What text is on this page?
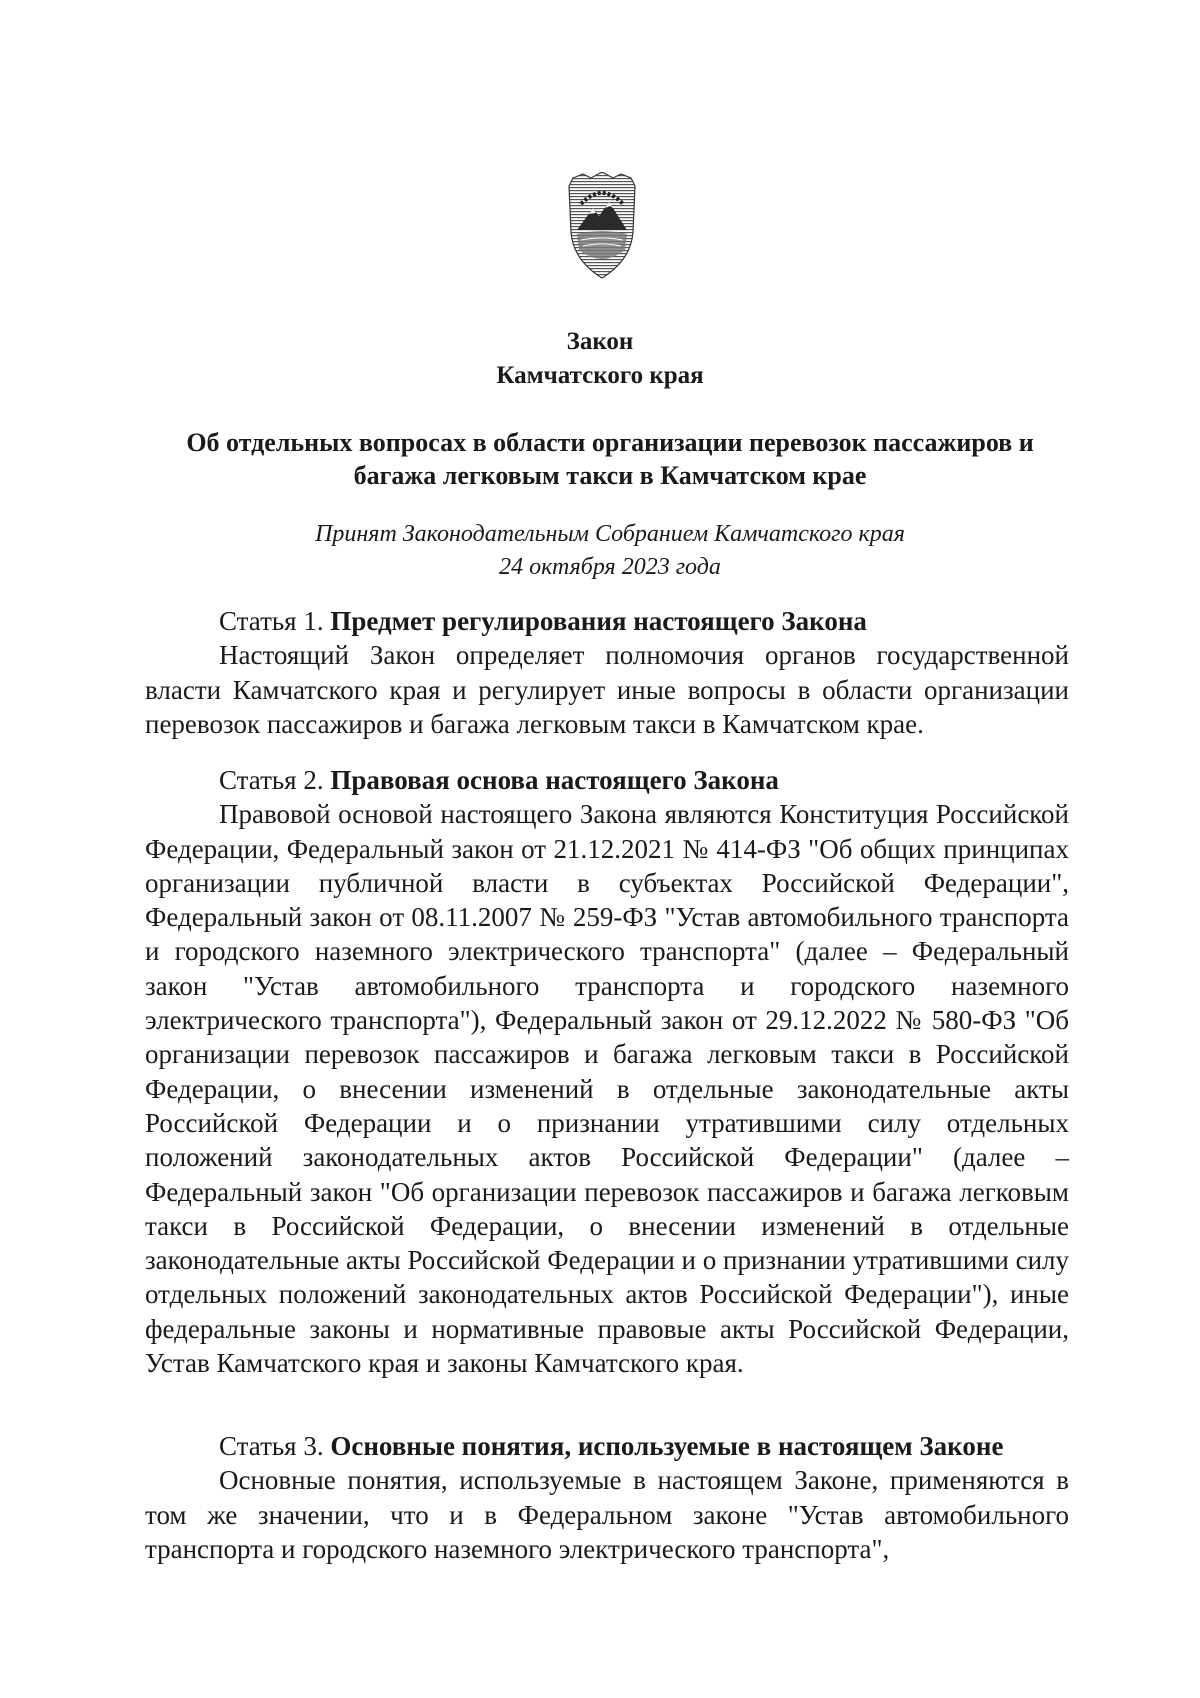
Закон
Камчатского края
Об отдельных вопросах в области организации перевозок пассажиров и багажа легковым такси в Камчатском крае
Принят Законодательным Собранием Камчатского края
24 октября 2023 года
Статья 1. Предмет регулирования настоящего Закона

Настоящий Закон определяет полномочия органов государственной власти Камчатского края и регулирует иные вопросы в области организации перевозок пассажиров и багажа легковым такси в Камчатском крае.

Статья 2. Правовая основа настоящего Закона

Правовой основой настоящего Закона являются Конституция Российской Федерации, Федеральный закон от 21.12.2021 № 414-ФЗ "Об общих принципах организации публичной власти в субъектах Российской Федерации", Федеральный закон от 08.11.2007 № 259-ФЗ "Устав автомобильного транспорта и городского наземного электрического транспорта" (далее – Федеральный закон "Устав автомобильного транспорта и городского наземного электрического транспорта"), Федеральный закон от 29.12.2022 № 580-ФЗ "Об организации перевозок пассажиров и багажа легковым такси в Российской Федерации, о внесении изменений в отдельные законодательные акты Российской Федерации и о признании утратившими силу отдельных положений законодательных актов Российской Федерации" (далее – Федеральный закон "Об организации перевозок пассажиров и багажа легковым такси в Российской Федерации, о внесении изменений в отдельные законодательные акты Российской Федерации и о признании утратившими силу отдельных положений законодательных актов Российской Федерации"), иные федеральные законы и нормативные правовые акты Российской Федерации, Устав Камчатского края и законы Камчатского края.

Статья 3. Основные понятия, используемые в настоящем Законе

Основные понятия, используемые в настоящем Законе, применяются в том же значении, что и в Федеральном законе "Устав автомобильного транспорта и городского наземного электрического транспорта",
